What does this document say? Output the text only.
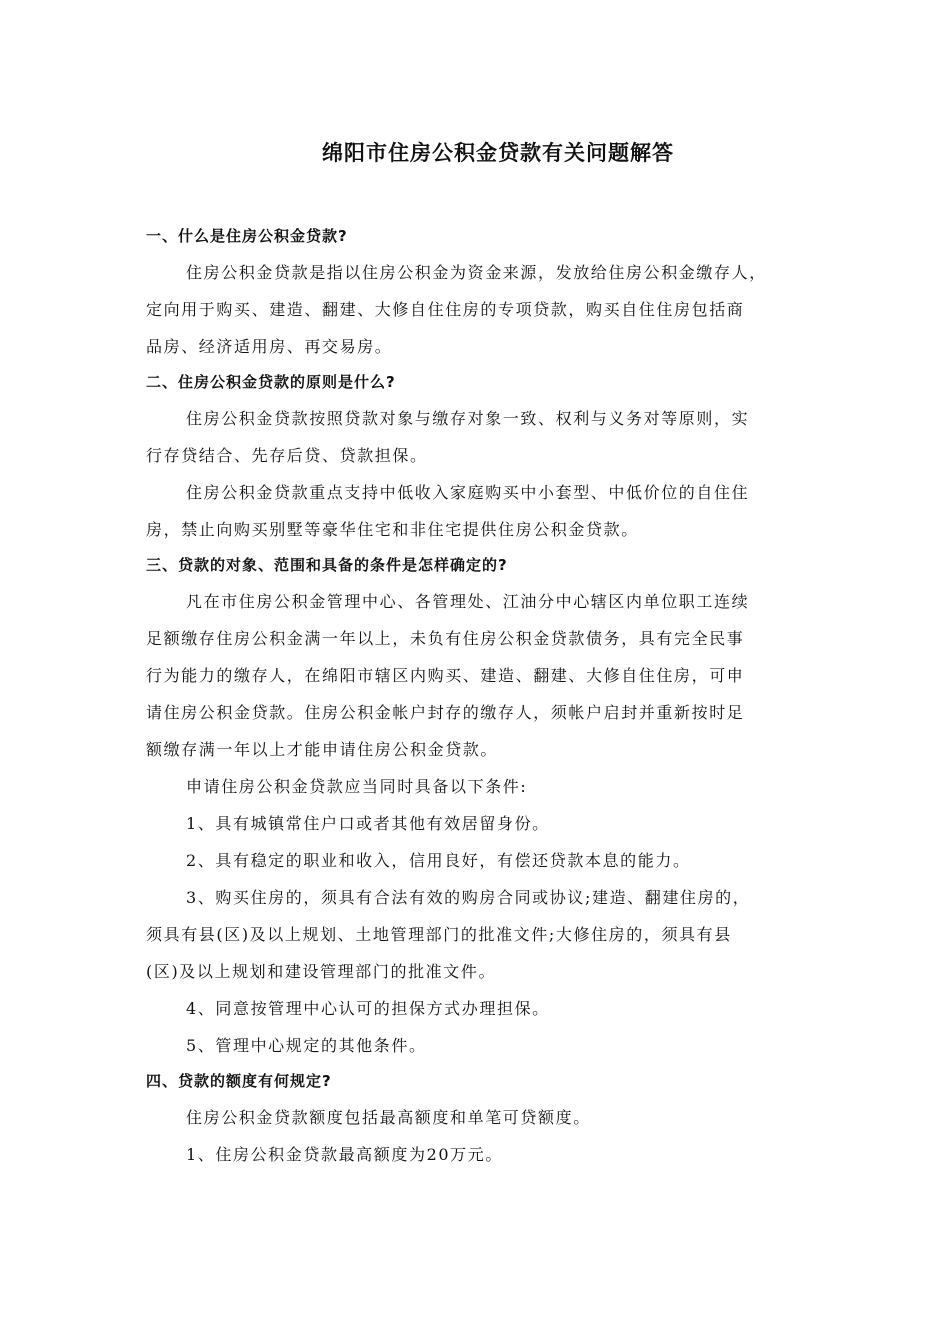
绵阳市住房公积金贷款有关问题解答

一、什么是住房公积金贷款?

住房公积金贷款是指以住房公积金为资金来源，发放给住房公积金缴存人，

定向用于购买、建造、翻建、大修自住住房的专项贷款，购买自住住房包括商

品房、经济适用房、再交易房。

二、住房公积金贷款的原则是什么?

住房公积金贷款按照贷款对象与缴存对象一致、权利与义务对等原则，实

行存贷结合、先存后贷、贷款担保。

住房公积金贷款重点支持中低收入家庭购买中小套型、中低价位的自住住

房，禁止向购买别墅等豪华住宅和非住宅提供住房公积金贷款。

三、贷款的对象、范围和具备的条件是怎样确定的?

凡在市住房公积金管理中心、各管理处、江油分中心辖区内单位职工连续

足额缴存住房公积金满一年以上，未负有住房公积金贷款债务，具有完全民事

行为能力的缴存人，在绵阳市辖区内购买、建造、翻建、大修自住住房，可申

请住房公积金贷款。住房公积金帐户封存的缴存人，须帐户启封并重新按时足

额缴存满一年以上才能申请住房公积金贷款。

申请住房公积金贷款应当同时具备以下条件:

1、具有城镇常住户口或者其他有效居留身份。

2、具有稳定的职业和收入，信用良好，有偿还贷款本息的能力。

3、购买住房的，须具有合法有效的购房合同或协议;建造、翻建住房的，

须具有县(区)及以上规划、土地管理部门的批准文件;大修住房的，须具有县

(区)及以上规划和建设管理部门的批准文件。

4、同意按管理中心认可的担保方式办理担保。

5、管理中心规定的其他条件。

四、贷款的额度有何规定?

住房公积金贷款额度包括最高额度和单笔可贷额度。

1、住房公积金贷款最高额度为20万元。
